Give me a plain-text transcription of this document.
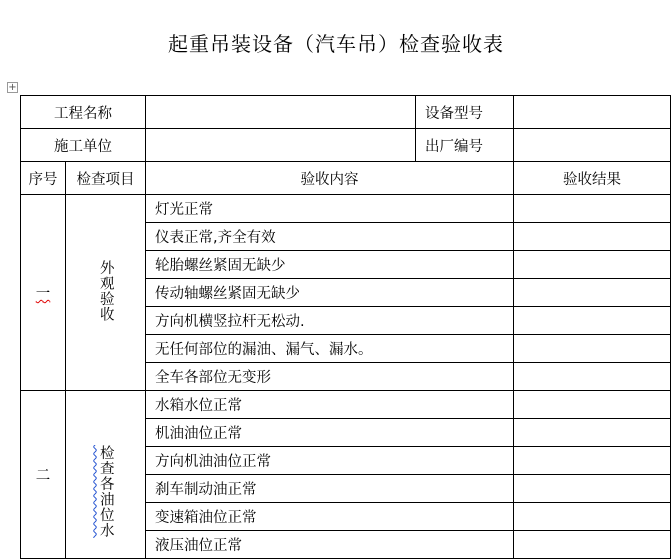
起重吊装设备（汽车吊）检查验收表
+
工程名称			设备型号	
施工单位			出厂编号	
序号	检查项目	验收内容		验收结果
一	外观验收	灯光正常		
		仪表正常,齐全有效		
		轮胎螺丝紧固无缺少		
		传动轴螺丝紧固无缺少		
		方向机横竖拉杆无松动.		
		无任何部位的漏油、漏气、漏水。		
		全车各部位无变形		
二	检查各油位水	水箱水位正常		
		机油油位正常		
		方向机油油位正常		
		刹车制动油正常		
		变速箱油位正常		
		液压油位正常		
